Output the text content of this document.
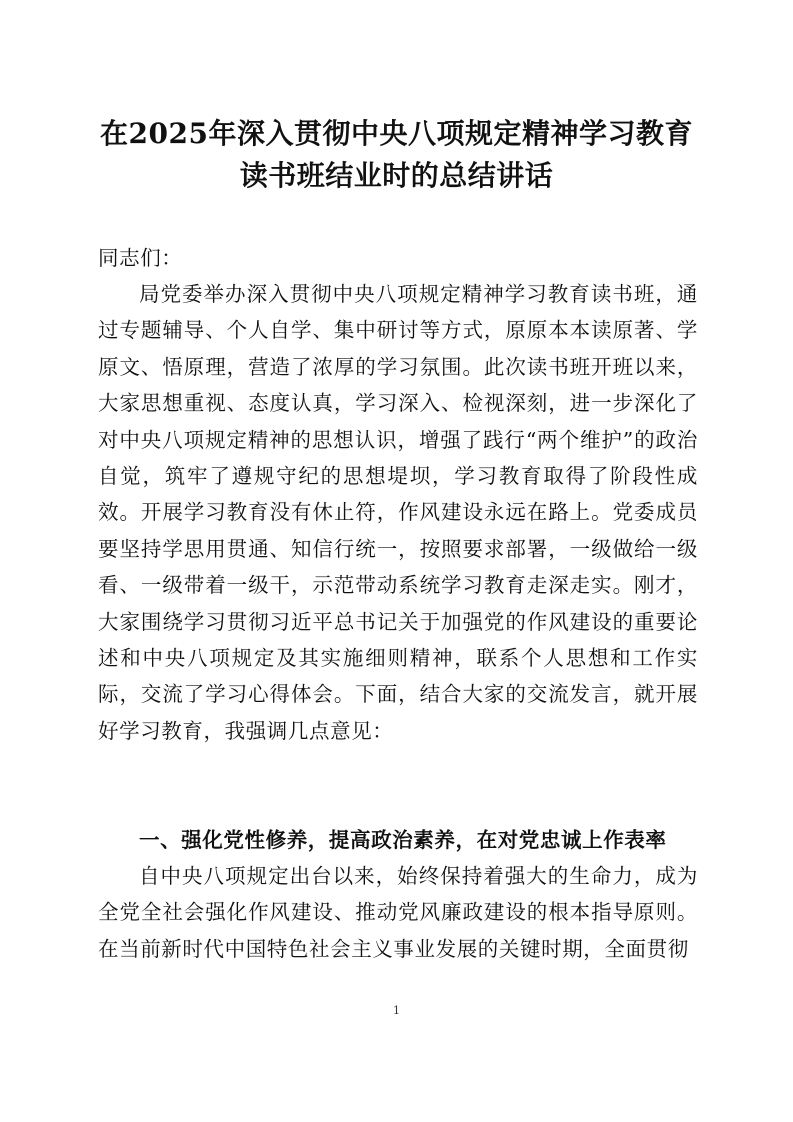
在2025年深入贯彻中央八项规定精神学习教育
读书班结业时的总结讲话
同志们：
局党委举办深入贯彻中央八项规定精神学习教育读书班，通过专题辅导、个人自学、集中研讨等方式，原原本本读原著、学原文、悟原理，营造了浓厚的学习氛围。此次读书班开班以来，大家思想重视、态度认真，学习深入、检视深刻，进一步深化了对中央八项规定精神的思想认识，增强了践行“两个维护”的政治自觉，筑牢了遵规守纪的思想堤坝，学习教育取得了阶段性成效。开展学习教育没有休止符，作风建设永远在路上。党委成员要坚持学思用贯通、知信行统一，按照要求部署，一级做给一级看、一级带着一级干，示范带动系统学习教育走深走实。刚才，大家围绕学习贯彻习近平总书记关于加强党的作风建设的重要论述和中央八项规定及其实施细则精神，联系个人思想和工作实际，交流了学习心得体会。下面，结合大家的交流发言，就开展好学习教育，我强调几点意见：
一、强化党性修养，提高政治素养，在对党忠诚上作表率
自中央八项规定出台以来，始终保持着强大的生命力，成为全党全社会强化作风建设、推动党风廉政建设的根本指导原则。在当前新时代中国特色社会主义事业发展的关键时期，全面贯彻
1
